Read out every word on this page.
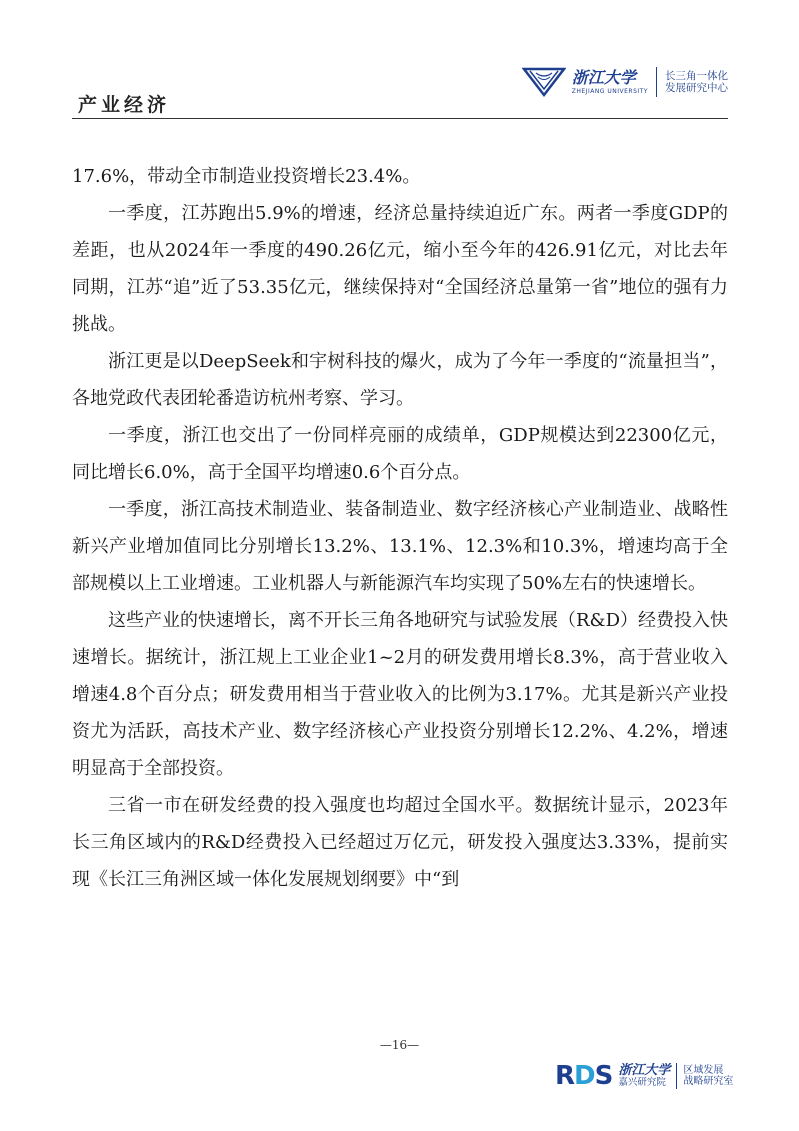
产业经济
浙江大学
ZHEJIANG UNIVERSITY
长三角一体化
发展研究中心

17.6%，带动全市制造业投资增长23.4%。

一季度，江苏跑出5.9%的增速，经济总量持续迫近广东。两者一季度GDP的差距，也从2024年一季度的490.26亿元，缩小至今年的426.91亿元，对比去年同期，江苏“追”近了53.35亿元，继续保持对“全国经济总量第一省”地位的强有力挑战。

浙江更是以DeepSeek和宇树科技的爆火，成为了今年一季度的“流量担当”，各地党政代表团轮番造访杭州考察、学习。

一季度，浙江也交出了一份同样亮丽的成绩单，GDP规模达到22300亿元，同比增长6.0%，高于全国平均增速0.6个百分点。

一季度，浙江高技术制造业、装备制造业、数字经济核心产业制造业、战略性新兴产业增加值同比分别增长13.2%、13.1%、12.3%和10.3%，增速均高于全部规模以上工业增速。工业机器人与新能源汽车均实现了50%左右的快速增长。

这些产业的快速增长，离不开长三角各地研究与试验发展（R&D）经费投入快速增长。据统计，浙江规上工业企业1~2月的研发费用增长8.3%，高于营业收入增速4.8个百分点；研发费用相当于营业收入的比例为3.17%。尤其是新兴产业投资尤为活跃，高技术产业、数字经济核心产业投资分别增长12.2%、4.2%，增速明显高于全部投资。

三省一市在研发经费的投入强度也均超过全国水平。数据统计显示，2023年长三角区域内的R&D经费投入已经超过万亿元，研发投入强度达3.33%，提前实现《长江三角洲区域一体化发展规划纲要》中“到

—16—
RDS 浙江大学
嘉兴研究院
区域发展
战略研究室
